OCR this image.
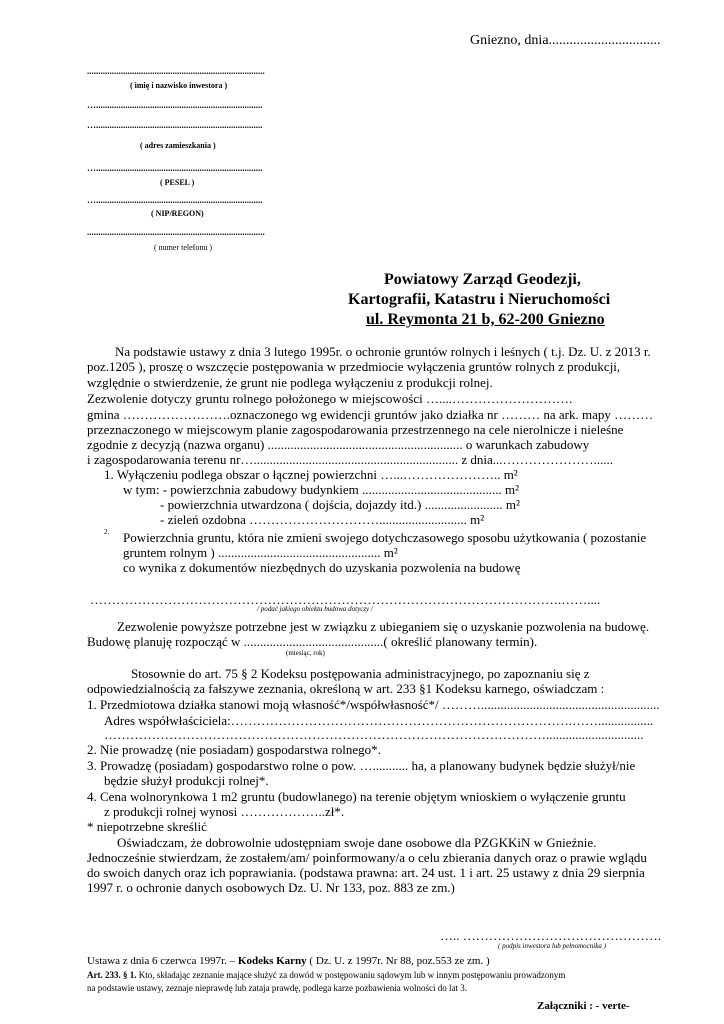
Gniezno, dnia................................
...............................................................................
( imię i nazwisko inwestora )
…..........................................................................
…..........................................................................
( adres zamieszkania )
…..........................................................................
( PESEL )
…..........................................................................
( NIP/REGON)
...............................................................................
( numer telefonu )
Powiatowy Zarząd Geodezji,
Kartografii, Katastru i Nieruchomości
ul. Reymonta 21 b, 62-200 Gniezno
Na podstawie ustawy z dnia 3 lutego 1995r. o ochronie gruntów rolnych i leśnych ( t.j. Dz. U. z 2013 r.
poz.1205 ), proszę o wszczęcie postępowania w przedmiocie wyłączenia gruntów rolnych z produkcji,
względnie o stwierdzenie, że grunt nie podlega wyłączeniu z produkcji rolnej.
Zezwolenie dotyczy gruntu rolnego położonego w miejscowości …....……………………….
gmina …………………….oznaczonego wg ewidencji gruntów jako działka nr ……… na ark. mapy ………
przeznaczonego w miejscowym planie zagospodarowania przestrzennego na cele nierolnicze i nieleśne
zgodnie z decyzją (nazwa organu) ............................................................ o warunkach zabudowy
i zagospodarowania terenu nr…............................................................... z dnia...…………………......
1. Wyłączeniu podlega obszar o łącznej powierzchni …...………………….. m²
w tym: - powierzchnia zabudowy budynkiem ........................................... m²
- powierzchnia utwardzona ( dojścia, dojazdy itd.) ........................ m²
- zieleń ozdobna …………………………........................... m²
2. Powierzchnia gruntu, która nie zmieni swojego dotychczasowego sposobu użytkowania ( pozostanie
gruntem rolnym ) .................................................. m²
co wynika z dokumentów niezbędnych do uzyskania pozwolenia na budowę
……………………………………………………………………………………………….……....
/ podać jakiego obiektu budowa dotyczy /
Zezwolenie powyższe potrzebne jest w związku z ubieganiem się o uzyskanie pozwolenia na budowę.
Budowę planuję rozpocząć w ...........................................( określić planowany termin).
(miesiąc, rok)
Stosownie do art. 75 § 2 Kodeksu postępowania administracyjnego, po zapoznaniu się z
odpowiedzialnością za fałszywe zeznania, określoną w art. 233 §1 Kodeksu karnego, oświadczam :
1. Przedmiotowa działka stanowi moją własność*/współwłasność*/ ……….......................................................
Adres współwłaściciela:…………………………………………………………………….…….................
…………………………………………………………………………………………..............................
2. Nie prowadzę (nie posiadam) gospodarstwa rolnego*.
3. Prowadzę (posiadam) gospodarstwo rolne o pow. …........... ha, a planowany budynek będzie służył/nie
będzie służył produkcji rolnej*.
4. Cena wolnorynkowa 1 m2 gruntu (budowlanego) na terenie objętym wnioskiem o wyłączenie gruntu
z produkcji rolnej wynosi ………………..zł*.
* niepotrzebne skreślić
Oświadczam, że dobrowolnie udostępniam swoje dane osobowe dla PZGKKiN w Gnieźnie.
Jednocześnie stwierdzam, że zostałem/am/ poinformowany/a o celu zbierania danych oraz o prawie wglądu
do swoich danych oraz ich poprawiania. (podstawa prawna: art. 24 ust. 1 i art. 25 ustawy z dnia 29 sierpnia
1997 r. o ochronie danych osobowych Dz. U. Nr 133, poz. 883 ze zm.)
….. ……………………………………….
( podpis inwestora lub pełnomocnika )
Ustawa z dnia 6 czerwca 1997r. – Kodeks Karny ( Dz. U. z 1997r. Nr 88, poz.553 ze zm. )
Art. 233. § 1. Kto, składając zeznanie mające służyć za dowód w postępowaniu sądowym lub w innym postępowaniu prowadzonym
na podstawie ustawy, zeznaje nieprawdę lub zataja prawdę, podlega karze pozbawienia wolności do lat 3.
Załączniki : - verte-
